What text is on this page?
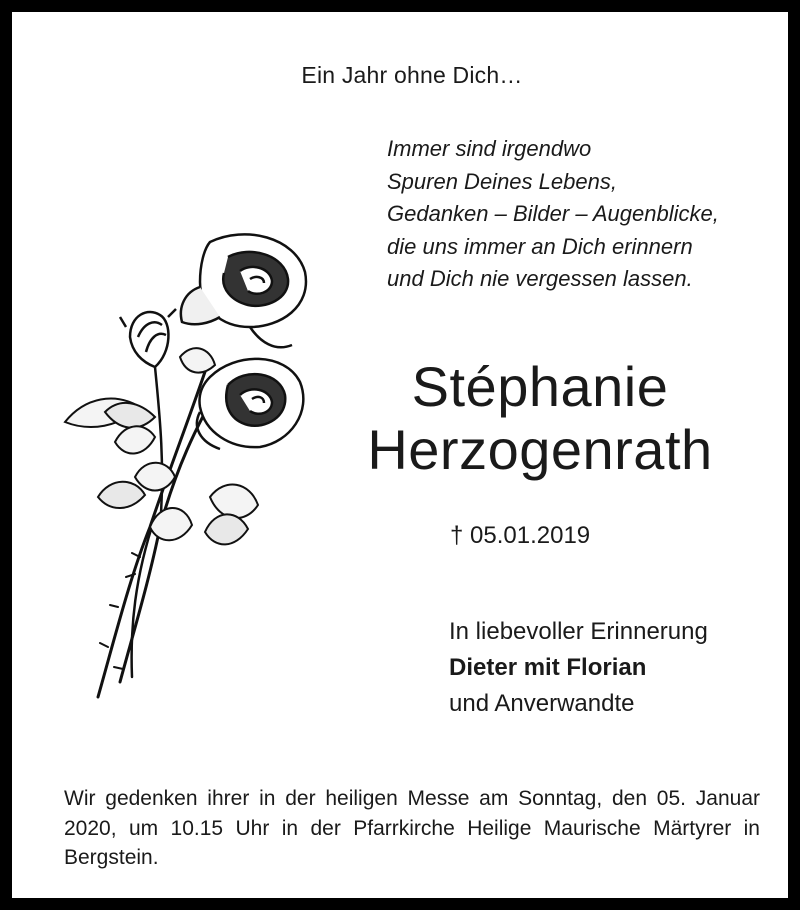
Ein Jahr ohne Dich…
Immer sind irgendwo
Spuren Deines Lebens,
Gedanken – Bilder – Augenblicke,
die uns immer an Dich erinnern
und Dich nie vergessen lassen.
Stéphanie
Herzogenrath
† 05.01.2019
In liebevoller Erinnerung
Dieter mit Florian
und Anverwandte
Wir gedenken ihrer in der heiligen Messe am Sonntag, den 05. Januar 2020, um 10.15 Uhr in der Pfarrkirche Heilige Maurische Märtyrer in Bergstein.
